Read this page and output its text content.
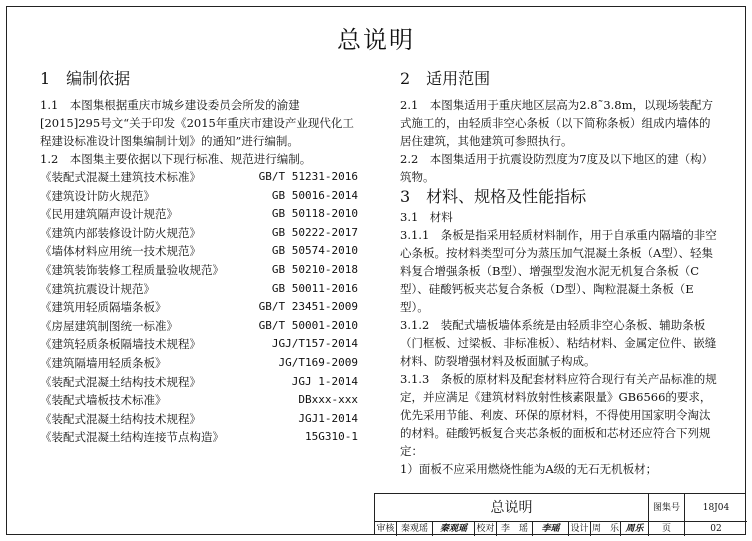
总说明
1　编制依据

1.1　本图集根据重庆市城乡建设委员会所发的渝建[2015]295号文“关于印发《2015年重庆市建设产业现代化工程建设标准设计图集编制计划》的通知”进行编制。

1.2　本图集主要依据以下现行标准、规范进行编制。

《装配式混凝土建筑技术标准》	GB/T 51231-2016
《建筑设计防火规范》	GB 50016-2014
《民用建筑隔声设计规范》	GB 50118-2010
《建筑内部装修设计防火规范》	GB 50222-2017
《墙体材料应用统一技术规范》	GB 50574-2010
《建筑装饰装修工程质量验收规范》	GB 50210-2018
《建筑抗震设计规范》	GB 50011-2016
《建筑用轻质隔墙条板》	GB/T 23451-2009
《房屋建筑制图统一标准》	GB/T 50001-2010
《建筑轻质条板隔墙技术规程》	JGJ/T157-2014
《建筑隔墙用轻质条板》	JG/T169-2009
《装配式混凝土结构技术规程》	JGJ 1-2014
《装配式墙板技术标准》	DBxxx-xxx
《装配式混凝土结构技术规程》	JGJ1-2014
《装配式混凝土结构连接节点构造》	15G310-1
2　适用范围

2.1　本图集适用于重庆地区层高为2.8˜3.8m，以现场装配方式施工的，由轻质非空心条板（以下简称条板）组成内墙体的居住建筑，其他建筑可参照执行。

2.2　本图集适用于抗震设防烈度为7度及以下地区的建（构）筑物。

3　材料、规格及性能指标

3.1　材料

3.1.1　条板是指采用轻质材料制作，用于自承重内隔墙的非空心条板。按材料类型可分为蒸压加气混凝土条板（A型）、轻集料复合增强条板（B型）、增强型发泡水泥无机复合条板（C型）、硅酸钙板夹芯复合条板（D型）、陶粒混凝土条板（E型）。

3.1.2　装配式墙板墙体系统是由轻质非空心条板、辅助条板（门框板、过梁板、非标准板）、粘结材料、金属定位件、嵌缝材料、防裂增强材料及板面腻子构成。

3.1.3　条板的原材料及配套材料应符合现行有关产品标准的规定，并应满足《建筑材料放射性核素限量》GB6566的要求，优先采用节能、利废、环保的原材料，不得使用国家明令淘汰的材料。硅酸钙板复合夹芯条板的面板和芯材还应符合下列规定：

1）面板不应采用燃烧性能为A级的无石无机板材；

总说明	图集号	18J04
审核 秦观瑶	秦观瑶	校对 李　瑶	李瑶	设计 周　乐 周乐	页	02
